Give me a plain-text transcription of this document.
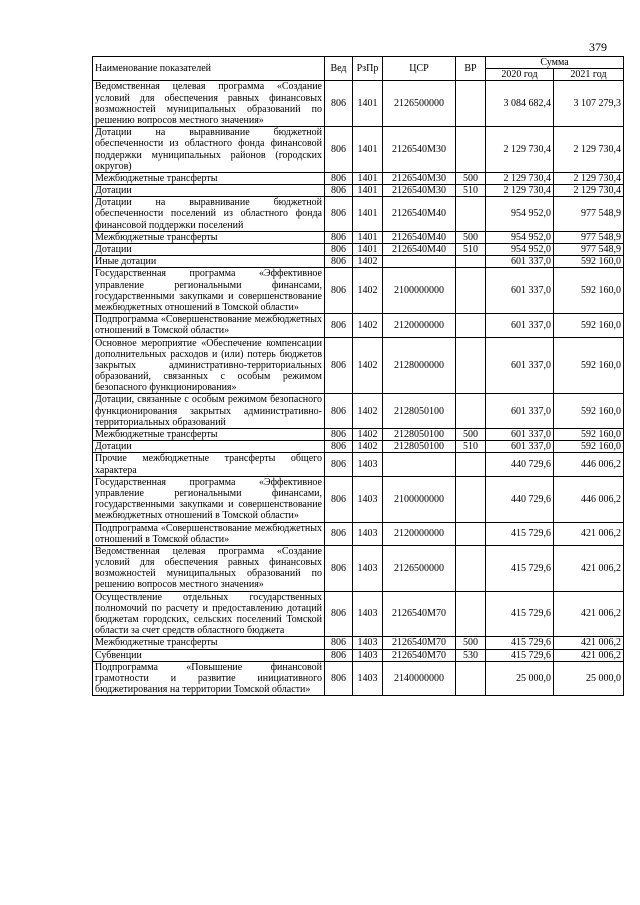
379
Наименование показателей	Вед	РзПр	ЦСР	ВР	Сумма	
					2020 год	2021 год
Ведомственная целевая программа «Создание условий для обеспечения равных финансовых возможностей муниципальных образований по решению вопросов местного значения»	806	1401	2126500000		3 084 682,4	3 107 279,3
Дотации на выравнивание бюджетной обеспеченности из областного фонда финансовой поддержки муниципальных районов (городских округов)	806	1401	2126540М30		2 129 730,4	2 129 730,4
Межбюджетные трансферты	806	1401	2126540М30	500	2 129 730,4	2 129 730,4
Дотации	806	1401	2126540М30	510	2 129 730,4	2 129 730,4
Дотации на выравнивание бюджетной обеспеченности поселений из областного фонда финансовой поддержки поселений	806	1401	2126540М40		954 952,0	977 548,9
Межбюджетные трансферты	806	1401	2126540М40	500	954 952,0	977 548,9
Дотации	806	1401	2126540М40	510	954 952,0	977 548,9
Иные дотации	806	1402			601 337,0	592 160,0
Государственная программа «Эффективное управление региональными финансами, государственными закупками и совершенствование межбюджетных отношений в Томской области»	806	1402	2100000000		601 337,0	592 160,0
Подпрограмма «Совершенствование межбюджетных отношений в Томской области»	806	1402	2120000000		601 337,0	592 160,0
Основное мероприятие «Обеспечение компенсации дополнительных расходов и (или) потерь бюджетов закрытых административно-территориальных образований, связанных с особым режимом безопасного функционирования»	806	1402	2128000000		601 337,0	592 160,0
Дотации, связанные с особым режимом безопасного функционирования закрытых административно-территориальных образований	806	1402	2128050100		601 337,0	592 160,0
Межбюджетные трансферты	806	1402	2128050100	500	601 337,0	592 160,0
Дотации	806	1402	2128050100	510	601 337,0	592 160,0
Прочие межбюджетные трансферты общего характера	806	1403			440 729,6	446 006,2
Государственная программа «Эффективное управление региональными финансами, государственными закупками и совершенствование межбюджетных отношений в Томской области»	806	1403	2100000000		440 729,6	446 006,2
Подпрограмма «Совершенствование межбюджетных отношений в Томской области»	806	1403	2120000000		415 729,6	421 006,2
Ведомственная целевая программа «Создание условий для обеспечения равных финансовых возможностей муниципальных образований по решению вопросов местного значения»	806	1403	2126500000		415 729,6	421 006,2
Осуществление отдельных государственных полномочий по расчету и предоставлению дотаций бюджетам городских, сельских поселений Томской области за счет средств областного бюджета	806	1403	2126540М70		415 729,6	421 006,2
Межбюджетные трансферты	806	1403	2126540М70	500	415 729,6	421 006,2
Субвенции	806	1403	2126540М70	530	415 729,6	421 006,2
Подпрограмма «Повышение финансовой грамотности и развитие инициативного бюджетирования на территории Томской области»	806	1403	2140000000		25 000,0	25 000,0
